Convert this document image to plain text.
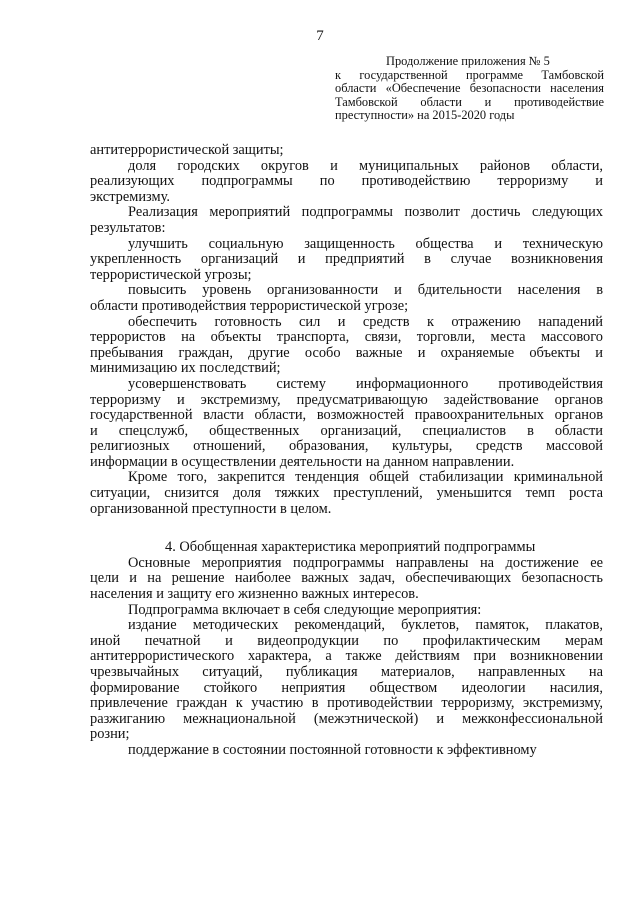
7
Продолжение приложения № 5
к государственной программе Тамбовской
области «Обеспечение безопасности населения
Тамбовской области и противодействие
преступности» на 2015-2020 годы
антитеррористической защиты;
доля городских округов и муниципальных районов области,
реализующих подпрограммы по противодействию терроризму и
экстремизму.
Реализация мероприятий подпрограммы позволит достичь следующих
результатов:
улучшить социальную защищенность общества и техническую
укрепленность организаций и предприятий в случае возникновения
террористической угрозы;
повысить уровень организованности и бдительности населения в
области противодействия террористической угрозе;
обеспечить готовность сил и средств к отражению нападений
террористов на объекты транспорта, связи, торговли, места массового
пребывания граждан, другие особо важные и охраняемые объекты и
минимизацию их последствий;
усовершенствовать систему информационного противодействия
терроризму и экстремизму, предусматривающую задействование органов
государственной власти области, возможностей правоохранительных органов
и спецслужб, общественных организаций, специалистов в области
религиозных отношений, образования, культуры, средств массовой
информации в осуществлении деятельности на данном направлении.
Кроме того, закрепится тенденция общей стабилизации криминальной
ситуации, снизится доля тяжких преступлений, уменьшится темп роста
организованной преступности в целом.
4. Обобщенная характеристика мероприятий подпрограммы
Основные мероприятия подпрограммы направлены на достижение ее
цели и на решение наиболее важных задач, обеспечивающих безопасность
населения и защиту его жизненно важных интересов.
Подпрограмма включает в себя следующие мероприятия:
издание методических рекомендаций, буклетов, памяток, плакатов,
иной печатной и видеопродукции по профилактическим мерам
антитеррористического характера, а также действиям при возникновении
чрезвычайных ситуаций, публикация материалов, направленных на
формирование стойкого неприятия обществом идеологии насилия,
привлечение граждан к участию в противодействии терроризму, экстремизму,
разжиганию межнациональной (межэтнической) и межконфессиональной
розни;
поддержание в состоянии постоянной готовности к эффективному
